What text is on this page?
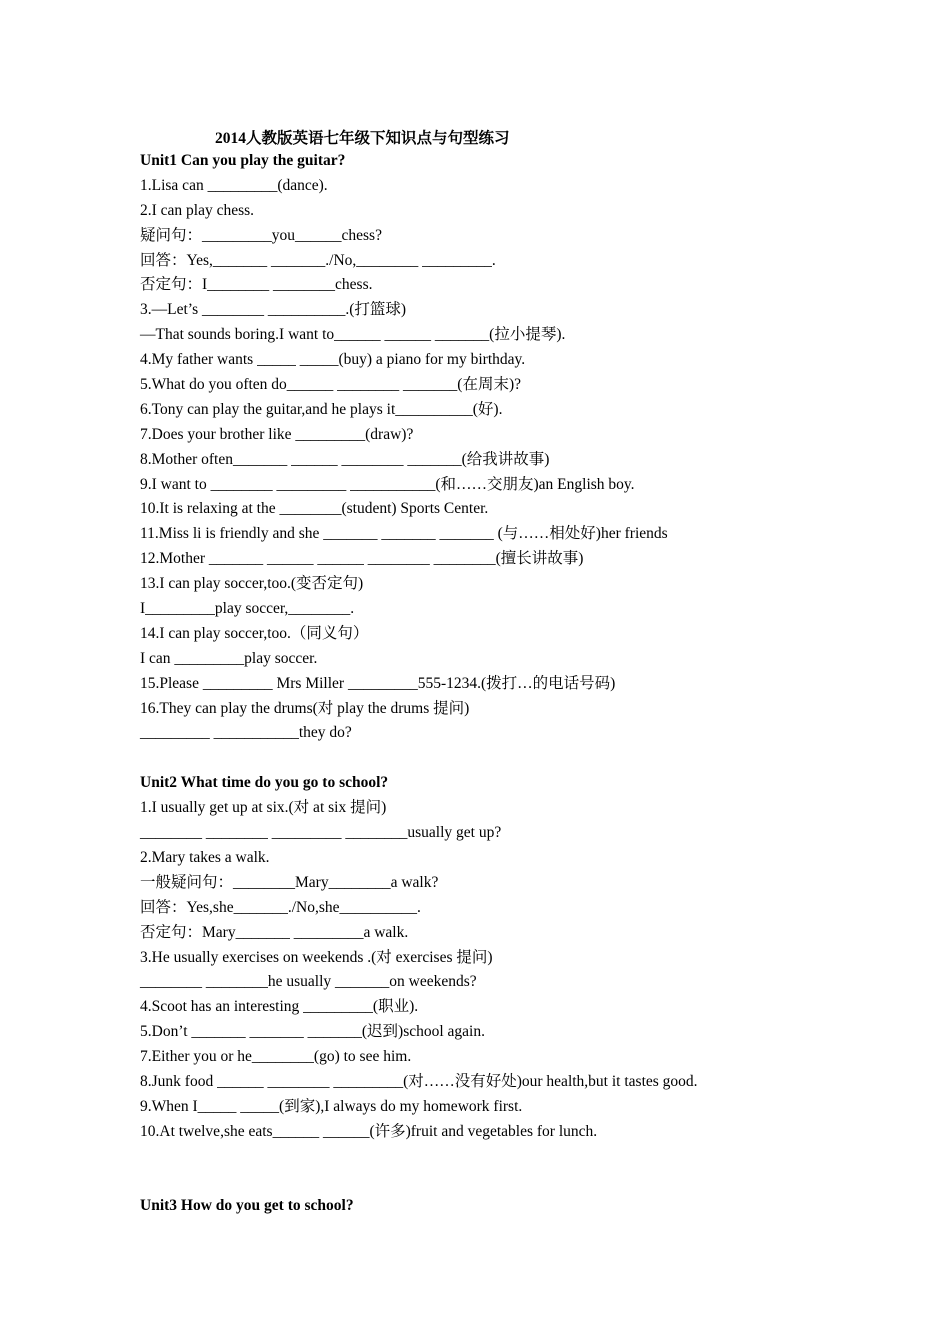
2014人教版英语七年级下知识点与句型练习
Unit1 Can you play the guitar?
1.Lisa can _________(dance).
2.I can play chess.
疑问句：_________you______chess?
回答：Yes,_______ _______./No,________ _________.
否定句：I________ ________chess.
3.—Let’s ________ __________.(打篮球)
—That sounds boring.I want to______ ______ _______(拉小提琴).
4.My father wants _____ _____(buy) a piano for my birthday.
5.What do you often do______ ________ _______(在周末)?
6.Tony can play the guitar,and he plays it__________(好).
7.Does your brother like _________(draw)?
8.Mother often_______ ______ ________ _______(给我讲故事)
9.I want to ________ _________ ___________(和……交朋友)an English boy.
10.It is relaxing at the ________(student) Sports Center.
11.Miss li is friendly and she _______ _______ _______ (与……相处好)her friends
12.Mother _______ ______ ______ ________ ________(擅长讲故事)
13.I can play soccer,too.(变否定句)
I_________play soccer,________.
14.I can play soccer,too.（同义句）
I can _________play soccer.
15.Please _________ Mrs Miller _________555-1234.(拨打…的电话号码)
16.They can play the drums(对 play the drums 提问)
_________ ___________they do?
Unit2 What time do you go to school?
1.I usually get up at six.(对 at six 提问)
________ ________ _________ ________usually get up?
2.Mary takes a walk.
一般疑问句：________Mary________a walk?
回答：Yes,she_______./No,she__________.
否定句：Mary_______ _________a walk.
3.He usually exercises on weekends .(对 exercises 提问)
________ ________he usually _______on weekends?
4.Scoot has an interesting _________(职业).
5.Don’t _______ _______ _______(迟到)school again.
7.Either you or he________(go) to see him.
8.Junk food ______ ________ _________(对……没有好处)our health,but it tastes good.
9.When I_____ _____(到家),I always do my homework first.
10.At twelve,she eats______ ______(许多)fruit and vegetables for lunch.
Unit3 How do you get to school?
